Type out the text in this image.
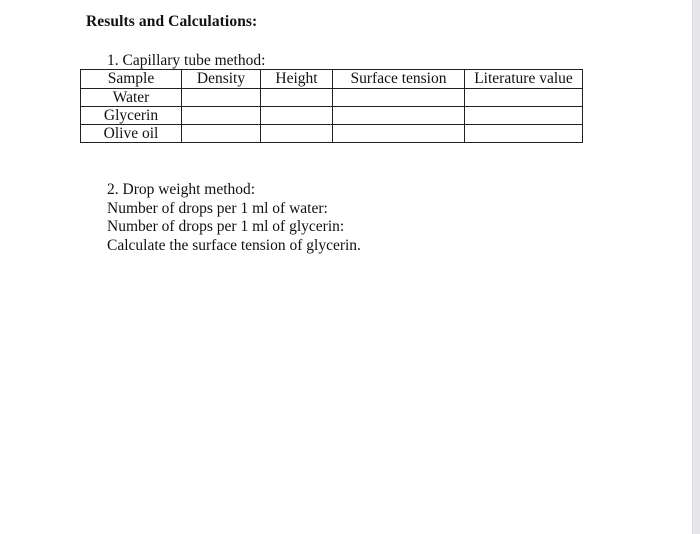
Results and Calculations:
1. Capillary tube method:
Sample	Density	Height	Surface tension	Literature value
Water				
Glycerin				
Olive oil				
2. Drop weight method:
Number of drops per 1 ml of water:
Number of drops per 1 ml of glycerin:
Calculate the surface tension of glycerin.
